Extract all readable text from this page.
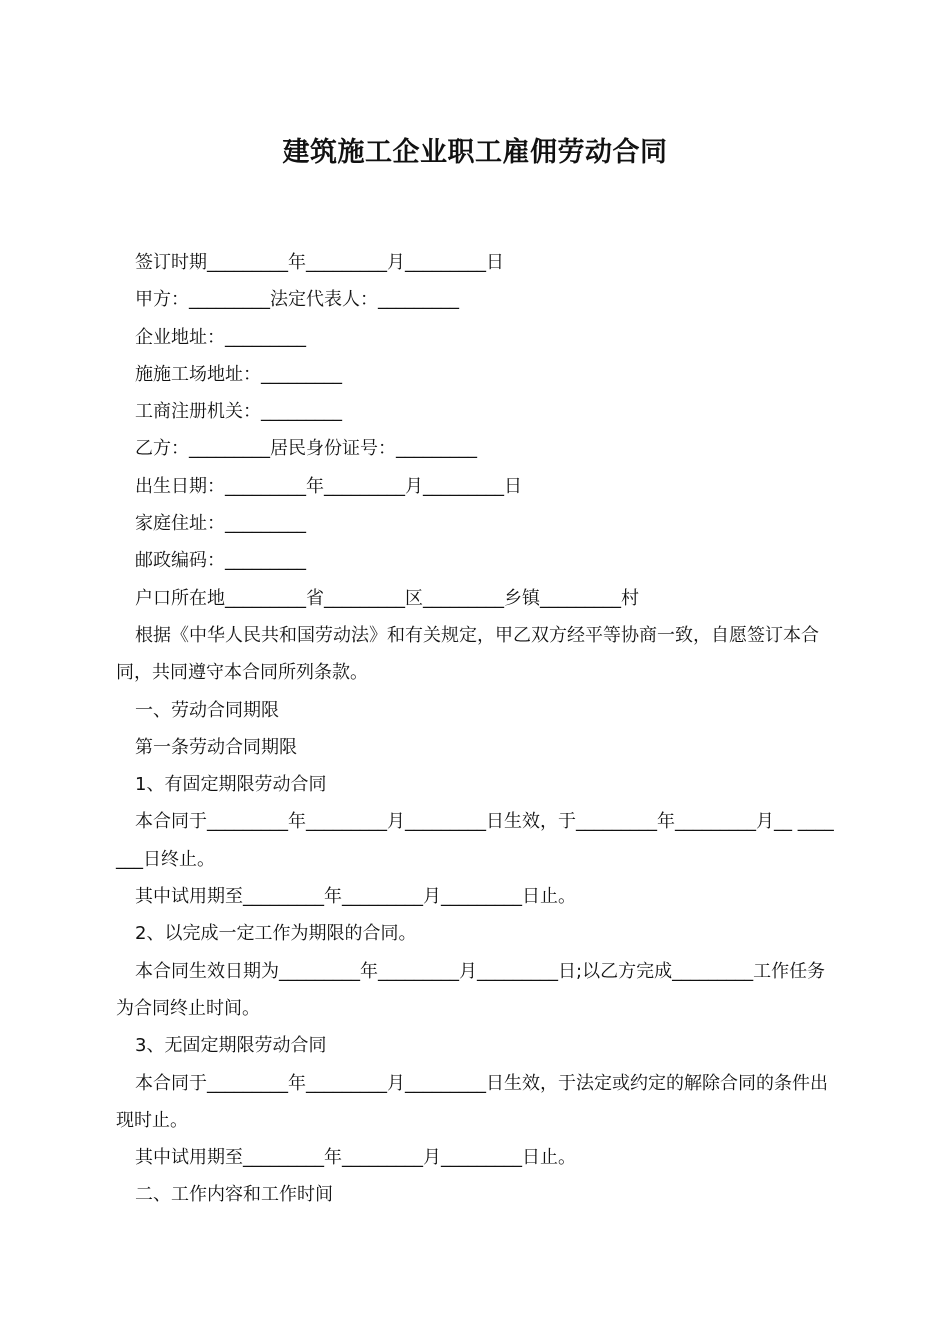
建筑施工企业职工雇佣劳动合同

签订时期_________年_________月_________日

甲方：_________法定代表人：_________

企业地址：_________

施施工场地址：_________

工商注册机关：_________

乙方：_________居民身份证号：_________

出生日期：_________年_________月_________日

家庭住址：_________

邮政编码：_________

户口所在地_________省_________区_________乡镇_________村

根据《中华人民共和国劳动法》和有关规定，甲乙双方经平等协商一致，自愿签订本合同，共同遵守本合同所列条款。

一、劳动合同期限

第一条劳动合同期限

1、有固定期限劳动合同

本合同于_________年_________月_________日生效，于_________年_________月__ _______日终止。

其中试用期至_________年_________月_________日止。

2、以完成一定工作为期限的合同。

本合同生效日期为_________年_________月_________日;以乙方完成_________工作任务为合同终止时间。

3、无固定期限劳动合同

本合同于_________年_________月_________日生效，于法定或约定的解除合同的条件出现时止。

其中试用期至_________年_________月_________日止。

二、工作内容和工作时间
